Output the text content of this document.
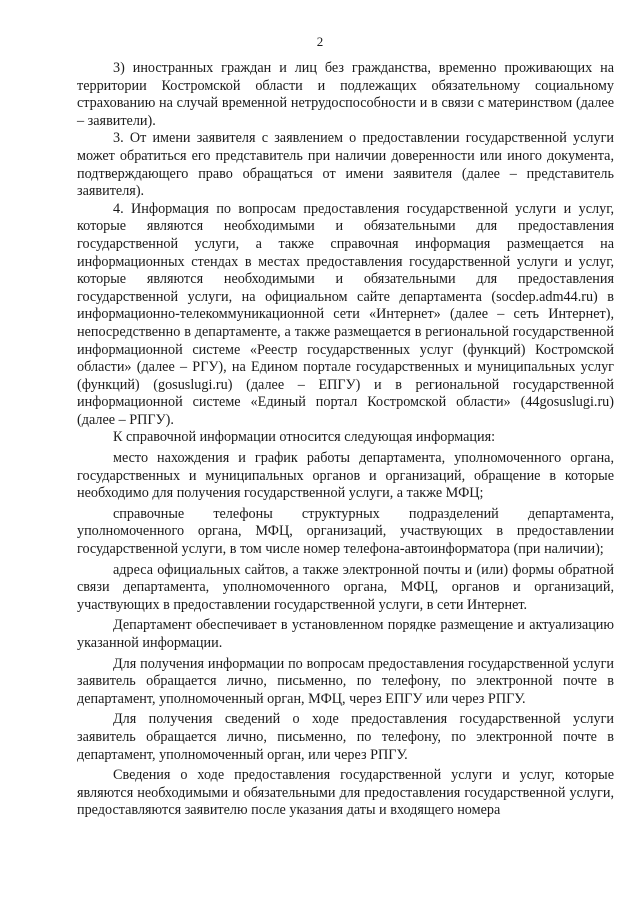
2

3) иностранных граждан и лиц без гражданства, временно проживающих на территории Костромской области и подлежащих обязательному социальному страхованию на случай временной нетрудоспособности и в связи с материнством (далее – заявители).

3. От имени заявителя с заявлением о предоставлении государственной услуги может обратиться его представитель при наличии доверенности или иного документа, подтверждающего право обращаться от имени заявителя (далее – представитель заявителя).

4. Информация по вопросам предоставления государственной услуги и услуг, которые являются необходимыми и обязательными для предоставления государственной услуги, а также справочная информация размещается на информационных стендах в местах предоставления государственной услуги и услуг, которые являются необходимыми и обязательными для предоставления государственной услуги, на официальном сайте департамента (socdep.adm44.ru) в информационно-телекоммуникационной сети «Интернет» (далее – сеть Интернет), непосредственно в департаменте, а также размещается в региональной государственной информационной системе «Реестр государственных услуг (функций) Костромской области» (далее – РГУ), на Едином портале государственных и муниципальных услуг (функций) (gosuslugi.ru) (далее – ЕПГУ) и в региональной государственной информационной системе «Единый портал Костромской области» (44gosuslugi.ru) (далее – РПГУ).

К справочной информации относится следующая информация:

место нахождения и график работы департамента, уполномоченного органа, государственных и муниципальных органов и организаций, обращение в которые необходимо для получения государственной услуги, а также МФЦ;

справочные телефоны структурных подразделений департамента, уполномоченного органа, МФЦ, организаций, участвующих в предоставлении государственной услуги, в том числе номер телефона-автоинформатора (при наличии);

адреса официальных сайтов, а также электронной почты и (или) формы обратной связи департамента, уполномоченного органа, МФЦ, органов и организаций, участвующих в предоставлении государственной услуги, в сети Интернет.

Департамент обеспечивает в установленном порядке размещение и актуализацию указанной информации.

Для получения информации по вопросам предоставления государственной услуги заявитель обращается лично, письменно, по телефону, по электронной почте в департамент, уполномоченный орган, МФЦ, через ЕПГУ или через РПГУ.

Для получения сведений о ходе предоставления государственной услуги заявитель обращается лично, письменно, по телефону, по электронной почте в департамент, уполномоченный орган, или через РПГУ.

Сведения о ходе предоставления государственной услуги и услуг, которые являются необходимыми и обязательными для предоставления государственной услуги, предоставляются заявителю после указания даты и входящего номера
